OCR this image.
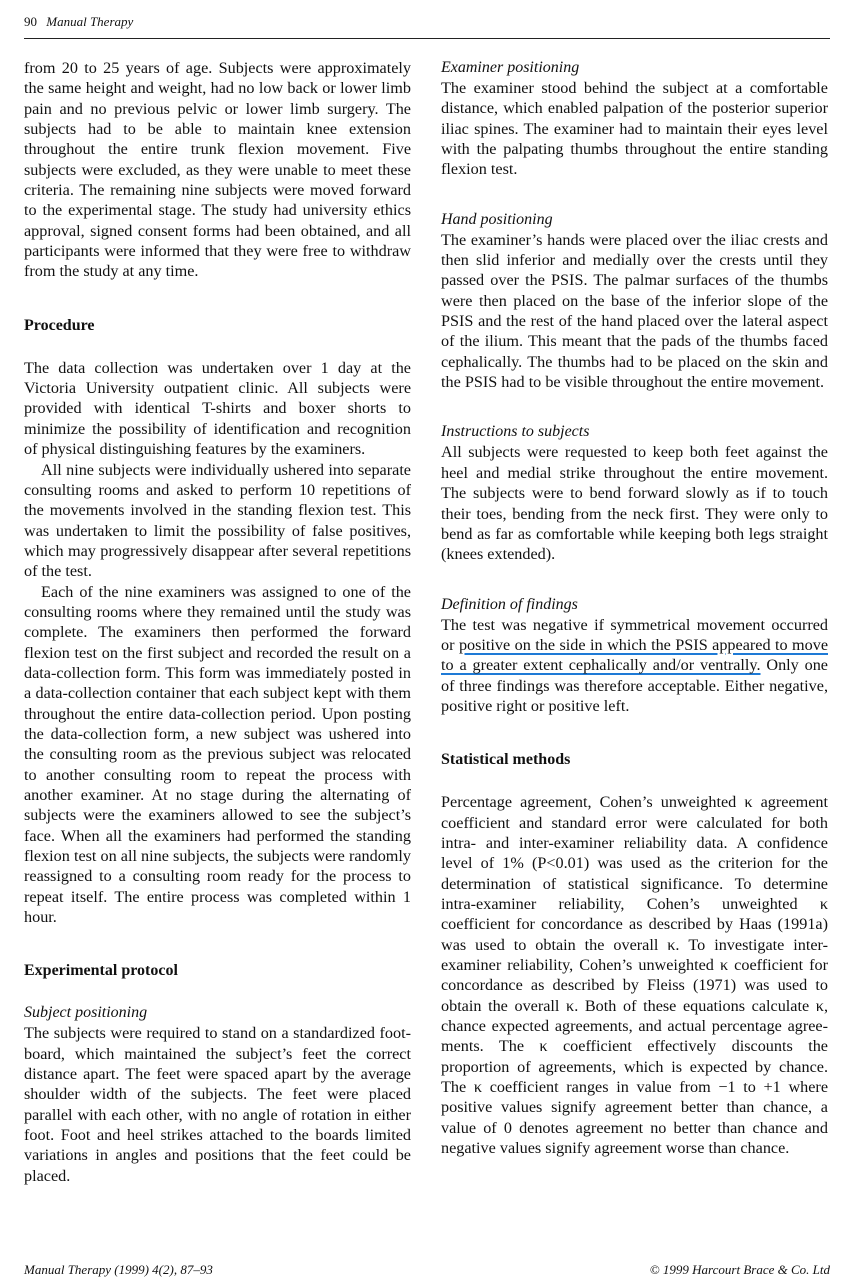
90 Manual Therapy

from 20 to 25 years of age. Subjects were approximately the same height and weight, had no low back or lower limb pain and no previous pelvic or lower limb surgery. The subjects had to be able to maintain knee extension throughout the entire trunk flexion movement. Five subjects were excluded, as they were unable to meet these criteria. The remaining nine subjects were moved forward to the experimental stage. The study had university ethics approval, signed consent forms had been obtained, and all participants were informed that they were free to withdraw from the study at any time.

Procedure

The data collection was undertaken over 1 day at the Victoria University outpatient clinic. All subjects were provided with identical T-shirts and boxer shorts to minimize the possibility of identification and recognition of physical distinguishing features by the examiners.

All nine subjects were individually ushered into separate consulting rooms and asked to perform 10 repetitions of the movements involved in the standing flexion test. This was undertaken to limit the possibility of false positives, which may progressively disappear after several repetitions of the test.

Each of the nine examiners was assigned to one of the consulting rooms where they remained until the study was complete. The examiners then performed the forward flexion test on the first subject and recorded the result on a data-collection form. This form was immediately posted in a data-collection container that each subject kept with them throughout the entire data-collection period. Upon posting the data-collection form, a new subject was ushered into the consulting room as the previous subject was relocated to another consulting room to repeat the process with another examiner. At no stage during the alternating of subjects were the examiners allowed to see the subject’s face. When all the examiners had performed the standing flexion test on all nine subjects, the subjects were randomly reassigned to a consulting room ready for the process to repeat itself. The entire process was completed within 1 hour.

Experimental protocol
Subject positioning

The subjects were required to stand on a standardized foot-board, which maintained the subject’s feet the correct distance apart. The feet were spaced apart by the average shoulder width of the subjects. The feet were placed parallel with each other, with no angle of rotation in either foot. Foot and heel strikes attached to the boards limited variations in angles and positions that the feet could be placed.

Examiner positioning

The examiner stood behind the subject at a comfortable distance, which enabled palpation of the posterior superior iliac spines. The examiner had to maintain their eyes level with the palpating thumbs throughout the entire standing flexion test.

Hand positioning

The examiner’s hands were placed over the iliac crests and then slid inferior and medially over the crests until they passed over the PSIS. The palmar surfaces of the thumbs were then placed on the base of the inferior slope of the PSIS and the rest of the hand placed over the lateral aspect of the ilium. This meant that the pads of the thumbs faced cephalically. The thumbs had to be placed on the skin and the PSIS had to be visible throughout the entire movement.

Instructions to subjects

All subjects were requested to keep both feet against the heel and medial strike throughout the entire movement. The subjects were to bend forward slowly as if to touch their toes, bending from the neck first. They were only to bend as far as comfortable while keeping both legs straight (knees extended).

Definition of findings

The test was negative if symmetrical movement occurred or positive on the side in which the PSIS appeared to move to a greater extent cephalically and/or ventrally. Only one of three findings was therefore acceptable. Either negative, positive right or positive left.

Statistical methods

Percentage agreement, Cohen’s unweighted κ agreement coefficient and standard error were calculated for both intra- and inter-examiner reliability data. A confidence level of 1% (P<0.01) was used as the criterion for the determination of statistical significance. To determine intra-examiner reliability, Cohen’s unweighted κ coefficient for concordance as described by Haas (1991a) was used to obtain the overall κ. To investigate inter-examiner reliability, Cohen’s unweighted κ coefficient for concordance as described by Fleiss (1971) was used to obtain the overall κ. Both of these equations calculate κ, chance expected agreements, and actual percentage agreements. The κ coefficient effectively discounts the proportion of agreements, which is expected by chance. The κ coefficient ranges in value from −1 to +1 where positive values signify agreement better than chance, a value of 0 denotes agreement no better than chance and negative values signify agreement worse than chance.

Manual Therapy (1999) 4(2), 87–93	© 1999 Harcourt Brace & Co. Ltd
